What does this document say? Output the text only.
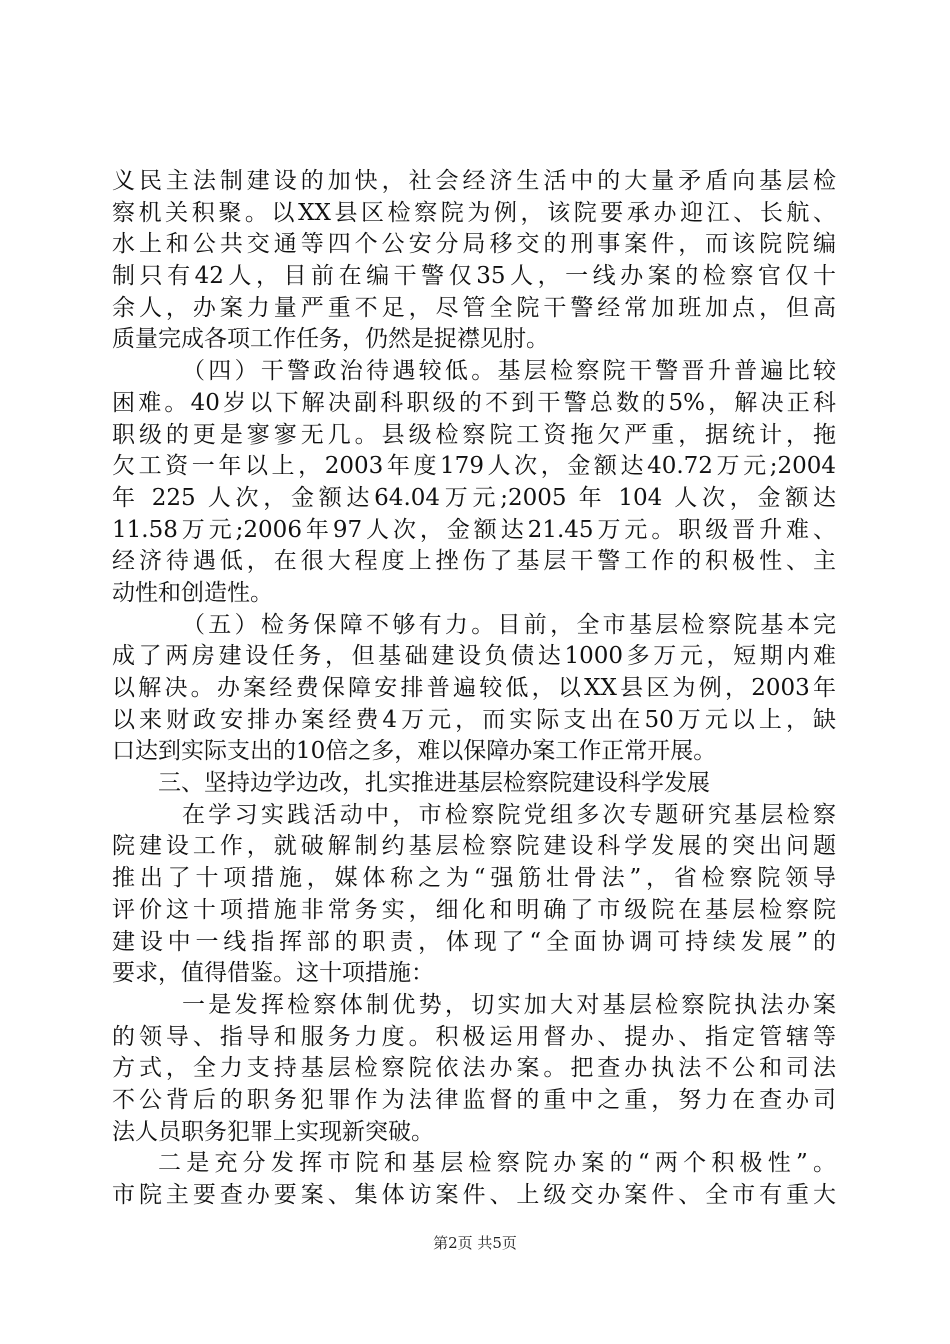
义民主法制建设的加快，社会经济生活中的大量矛盾向基层检
察机关积聚。以XX县区检察院为例，该院要承办迎江、长航、
水上和公共交通等四个公安分局移交的刑事案件，而该院院编
制只有42人，目前在编干警仅35人，一线办案的检察官仅十
余人，办案力量严重不足，尽管全院干警经常加班加点，但高
质量完成各项工作任务，仍然是捉襟见肘。
（四）干警政治待遇较低。基层检察院干警晋升普遍比较
困难。40岁以下解决副科职级的不到干警总数的5%，解决正科
职级的更是寥寥无几。县级检察院工资拖欠严重，据统计，拖
欠工资一年以上，2003年度179人次，金额达40.72万元;2004
年 225 人次，金额达64.04万元;2005 年 104 人次，金额达
11.58万元;2006年97人次，金额达21.45万元。职级晋升难、
经济待遇低，在很大程度上挫伤了基层干警工作的积极性、主
动性和创造性。
（五）检务保障不够有力。目前，全市基层检察院基本完
成了两房建设任务，但基础建设负债达1000多万元，短期内难
以解决。办案经费保障安排普遍较低，以XX县区为例，2003年
以来财政安排办案经费4万元，而实际支出在50万元以上，缺
口达到实际支出的10倍之多，难以保障办案工作正常开展。
三、坚持边学边改，扎实推进基层检察院建设科学发展
在学习实践活动中，市检察院党组多次专题研究基层检察
院建设工作，就破解制约基层检察院建设科学发展的突出问题
推出了十项措施，媒体称之为“强筋壮骨法”，省检察院领导
评价这十项措施非常务实，细化和明确了市级院在基层检察院
建设中一线指挥部的职责，体现了“全面协调可持续发展”的
要求，值得借鉴。这十项措施：
一是发挥检察体制优势，切实加大对基层检察院执法办案
的领导、指导和服务力度。积极运用督办、提办、指定管辖等
方式，全力支持基层检察院依法办案。把查办执法不公和司法
不公背后的职务犯罪作为法律监督的重中之重，努力在查办司
法人员职务犯罪上实现新突破。
二是充分发挥市院和基层检察院办案的“两个积极性”。
市院主要查办要案、集体访案件、上级交办案件、全市有重大
第2页 共5页
